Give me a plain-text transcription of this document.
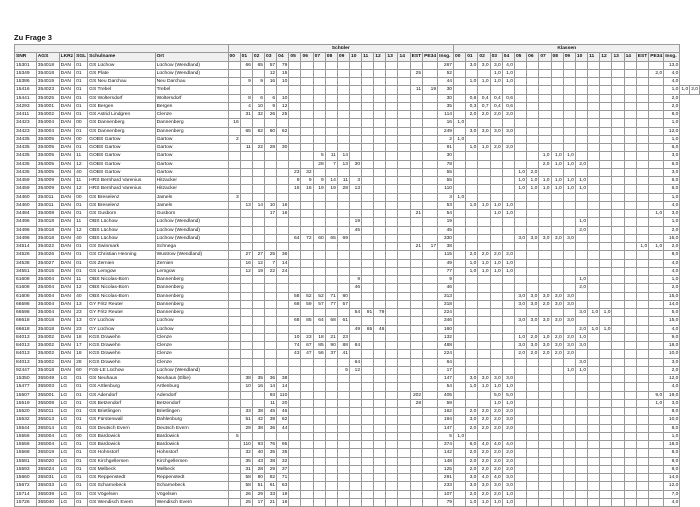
Zu Frage 3
						Schüler																		Klassen																			
SNR	AGS	LKRz	SGL	Schulname	Ort	00	01	02	03	04	05	06	07	08	09	10	11	12	13	14	EST	PE34	Insg.	00	01	02	03	04	05	06	07	08	09	10	11	12	13	14	EST	PE34	Insg.		
15301	354018	DAN	01	GS Lüchow	Lüchow (Wendland)		66	65	57	79													267		3,0	3,0	3,0	4,0													13,0		
15349	354018	DAN	01	GS Plate	Lüchow (Wendland)				12	15											25		52				1,0	1,0												2,0	4,0		
15386	354019	DAN	01	GS Neu Darchau	Neu Darchau		9	9	16	10													44		1,0	1,0	1,0	1,0													4,0		
15416	354023	DAN	01	GS Trebel	Trebel																11	19	30																		1,0	1,0	2,0
15441	354025	DAN	01	GS Woltersdorf	Woltersdorf		8	6	6	10													30		0,6	0,4	0,4	0,6													2,0		
34293	354001	DAN	01	GS Bergen	Bergen		4	10	9	12													35		0,3	0,7	0,4	0,6													2,0		
34411	354002	DAN	01	GS Astrid Lindgren	Clenze		31	32	26	25													114		2,0	2,0	2,0	2,0													8,0		
34423	354004	DAN	00	GS Dannenberg	Dannenberg	16																	16	1,0																	1,0		
34423	354004	DAN	01	GS Dannenberg	Dannenberg		65	62	60	62													249		3,0	3,0	3,0	3,0													12,0		
34435	354005	DAN	00	GOBS Gartow	Gartow	2																	2	1,0																	1,0		
34435	354005	DAN	01	GOBS Gartow	Gartow		11	22	28	30													91		1,0	1,0	2,0	2,0													6,0		
34435	354005	DAN	11	GOBS Gartow	Gartow								5	11	14								30								1,0	1,0	1,0								3,0		
34435	354005	DAN	12	GOBS Gartow	Gartow								28	7	13	30							78								2,0	1,0	1,0	2,0							6,0		
34435	354005	DAN	40	GOBS Gartow	Gartow						23	32											55						1,0	2,0											3,0		
34459	354009	DAN	11	HRS Bernhard Varenius	Hitzacker						9	9	9	14	11	3							55						1,0	1,0	1,0	1,0	1,0	1,0							6,0		
34459	354009	DAN	12	HRS Bernhard Varenius	Hitzacker						15	16	19	19	28	13							110						1,0	1,0	1,0	1,0	1,0	1,0							6,0		
34460	354011	DAN	00	GS Breselenz	Jameln	3																	3	1,0																	1,0		
34460	354011	DAN	01	GS Breselenz	Jameln		13	14	10	16													53		1,0	1,0	1,0	1,0													4,0		
34484	354008	DAN	01	GS Gusborn	Gusborn				17	16											21		54				1,0	1,0												1,0	3,0		
34496	354018	DAN	11	OBS Lüchow	Lüchow (Wendland)											19							19											1,0							1,0		
34496	354018	DAN	12	OBS Lüchow	Lüchow (Wendland)											45							45											2,0							2,0		
34496	354018	DAN	40	OBS Lüchow	Lüchow (Wendland)						64	72	60	65	69								330						3,0	3,0	3,0	3,0	3,0								15,0		
34514	354022	DAN	01	GS Swinmark	Schnega																21	17	38																1,0	1,0	2,0		
34526	354026	DAN	01	GS Christian Henning	Wustrow (Wendland)		27	27	25	36													115		2,0	2,0	2,0	2,0													8,0		
34538	354027	DAN	01	GS Zernien	Zernien		16	12	7	14													49		1,0	1,0	1,0	1,0													4,0		
34551	354015	DAN	01	GS Lemgow	Lemgow		12	19	22	24													77		1,0	1,0	1,0	1,0													4,0		
61608	354004	DAN	11	OBS Nicolas-Born	Dannenberg											9							9											1,0							1,0		
61608	354004	DAN	12	OBS Nicolas-Born	Dannenberg											46							46											2,0							2,0		
61608	354004	DAN	40	OBS Nicolas-Born	Dannenberg						58	52	52	71	80								313						3,0	3,0	3,0	3,0	3,0								15,0		
66598	354004	DAN	13	GY Fritz Reuter	Dannenberg						68	59	57	77	57								318						3,0	3,0	2,0	3,0	3,0								14,0		
66598	354004	DAN	23	GY Fritz Reuter	Dannenberg											54	91	79					224											3,0	1,0	1,0					5,0		
66618	354018	DAN	13	GY Lüchow	Lüchow						68	85	64	68	61								346						3,0	3,0	3,0	3,0	3,0								15,0		
66618	354018	DAN	23	GY Lüchow	Lüchow											49	65	46					160											2,0	1,0	1,0					4,0		
84013	354002	DAN	18	KGS Drawehn	Clenze						10	23	18	21	23								132						1,0	2,0	1,0	2,0	2,0	1,0							9,0		
84013	354002	DAN	17	KGS Drawehn	Clenze						74	67	85	90	88	84							488						3,0	3,0	3,0	3,0	3,0	3,0							18,0		
84013	354002	DAN	18	KGS Drawehn	Clenze						43	47	56	37	41								224						2,0	2,0	2,0	2,0	2,0								10,0		
84013	354002	DAN	28	KGS Drawehn	Clenze											64							64											3,0							3,0		
92447	354018	DAN	60	FöS-LE Lüchow	Lüchow (Wendland)										5	12							17										1,0	1,0							2,0		
15350	355049	LG	01	GS Neuhaus	Neuhaus (Elbe)		38	35	36	38													147		3,0	3,0	3,0	3,0													12,0		
15477	355003	LG	01	GS Artlenburg	Artlenburg		10	16	14	14													54		1,0	1,0	1,0	1,0													4,0		
15507	355001	LG	01	GS Adendorf	Adendorf				93	110											202		405				5,0	5,0												9,0	19,0		
15519	355008	LG	01	GS Betzendorf	Betzendorf				11	20											28		59				1,0	1,0												1,0	3,0		
15520	355011	LG	01	GS Brietlingen	Brietlingen		33	38	45	46													162		2,0	2,0	2,0	2,0													8,0		
15532	355013	LG	01	GS Fürstenwall	Dahlenburg		51	42	39	62													194		3,0	2,0	2,0	3,0													10,0		
15544	355014	LG	01	GS Deutsch Evern	Deutsch Evern		29	38	36	44													147		2,0	2,0	2,0	2,0													8,0		
15556	355004	LG	00	GS Bardowick	Bardowick	5																	5	1,0																	1,0		
15556	355004	LG	01	GS Bardowick	Bardowick		110	93	76	95													374		6,0	4,0	4,0	4,0													18,0		
15568	355019	LG	01	GS Hohnstorf	Hohnstorf		32	40	35	35													142		2,0	2,0	2,0	2,0													8,0		
15581	355020	LG	01	GS Kirchgellersen	Kirchgellersen		35	43	38	32													148		2,0	2,0	2,0	2,0													8,0		
15593	355024	LG	01	GS Melbeck	Melbeck		31	28	29	37													125		2,0	2,0	2,0	2,0													8,0		
15660	355031	LG	01	GS Reppenstedt	Reppenstedt		58	80	82	71													291		3,0	4,0	4,0	3,0													14,0		
15672	355033	LG	01	GS Scharnebeck	Scharnebeck		58	51	61	63													233		3,0	3,0	3,0	3,0													12,0		
15714	355039	LG	01	GS Vögelsen	Vögelsen		26	29	33	19													107		2,0	2,0	2,0	1,0													7,0		
15726	355040	LG	01	GS Wendisch Evern	Wendisch Evern		25	17	21	16													79		1,0	1,0	1,0	1,0													4,0		
